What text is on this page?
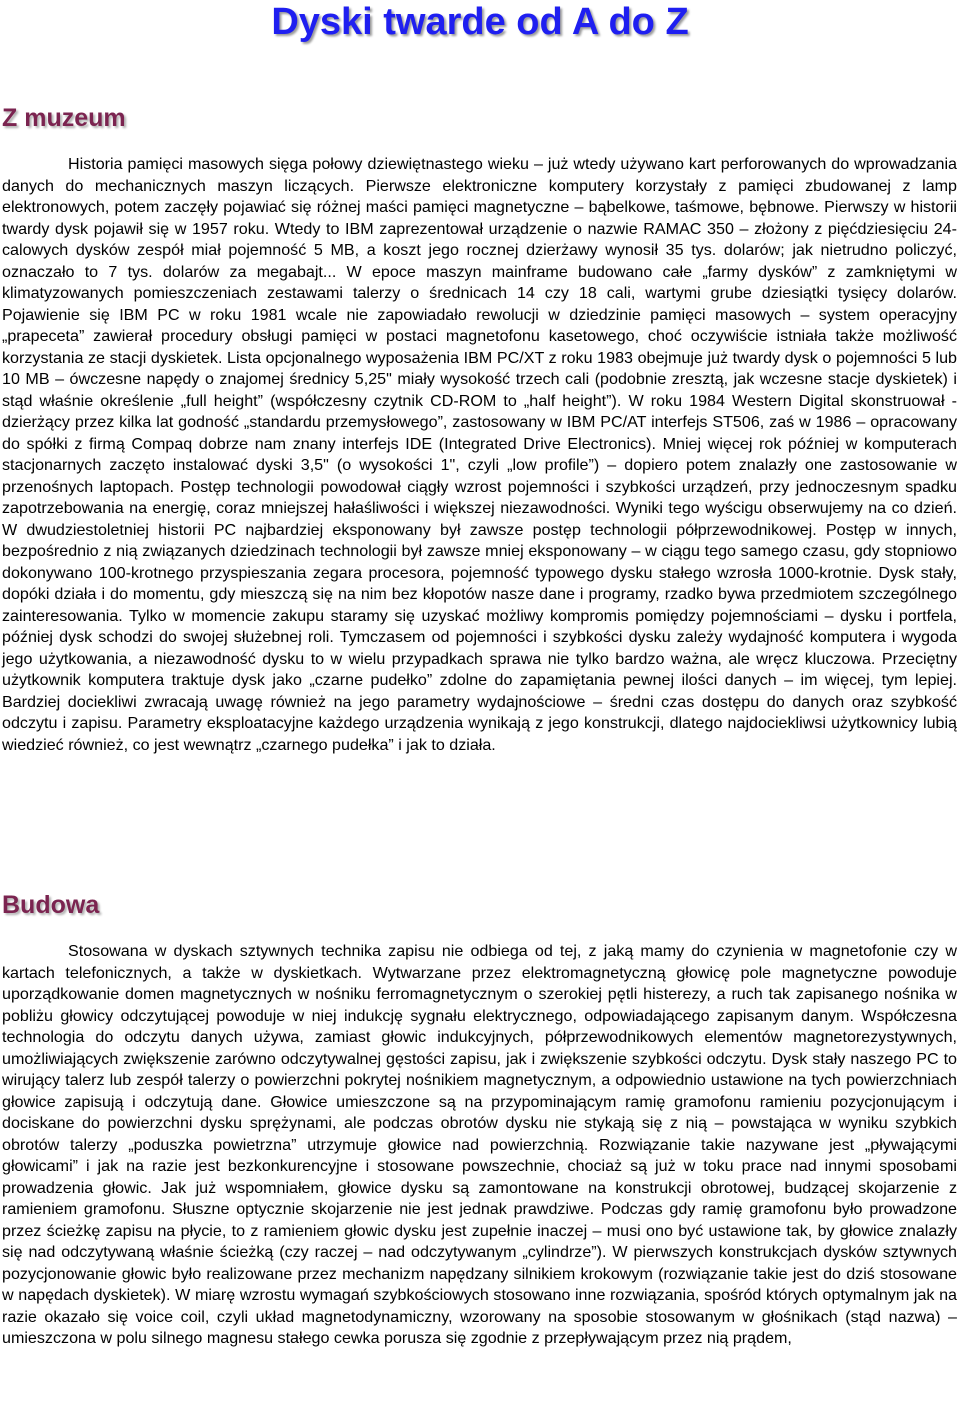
Dyski twarde od A do Z
Z muzeum

Historia pamięci masowych sięga połowy dziewiętnastego wieku – już wtedy używano kart perforowanych do wprowadzania danych do mechanicznych maszyn liczących. Pierwsze elektroniczne komputery korzystały z pamięci zbudowanej z lamp elektronowych, potem zaczęły pojawiać się różnej maści pamięci magnetyczne – bąbelkowe, taśmowe, bębnowe. Pierwszy w historii twardy dysk pojawił się w 1957 roku. Wtedy to IBM zaprezentował urządzenie o nazwie RAMAC 350 – złożony z pięćdziesięciu 24-calowych dysków zespół miał pojemność 5 MB, a koszt jego rocznej dzierżawy wynosił 35 tys. dolarów; jak nietrudno policzyć, oznaczało to 7 tys. dolarów za megabajt... W epoce maszyn mainframe budowano całe „farmy dysków” z zamkniętymi w klimatyzowanych pomieszczeniach zestawami talerzy o średnicach 14 czy 18 cali, wartymi grube dziesiątki tysięcy dolarów. Pojawienie się IBM PC w roku 1981 wcale nie zapowiadało rewolucji w dziedzinie pamięci masowych – system operacyjny „prapeceta” zawierał procedury obsługi pamięci w postaci magnetofonu kasetowego, choć oczywiście istniała także możliwość korzystania ze stacji dyskietek. Lista opcjonalnego wyposażenia IBM PC/XT z roku 1983 obejmuje już twardy dysk o pojemności 5 lub 10 MB – ówczesne napędy o znajomej średnicy 5,25" miały wysokość trzech cali (podobnie zresztą, jak wczesne stacje dyskietek) i stąd właśnie określenie „full height” (współczesny czytnik CD-ROM to „half height”). W roku 1984 Western Digital skonstruował - dzierżący przez kilka lat godność „standardu przemysłowego”, zastosowany w IBM PC/AT interfejs ST506, zaś w 1986 – opracowany do spółki z firmą Compaq dobrze nam znany interfejs IDE (Integrated Drive Electronics). Mniej więcej rok później w komputerach stacjonarnych zaczęto instalować dyski 3,5" (o wysokości 1", czyli „low profile”) – dopiero potem znalazły one zastosowanie w przenośnych laptopach. Postęp technologii powodował ciągły wzrost pojemności i szybkości urządzeń, przy jednoczesnym spadku zapotrzebowania na energię, coraz mniejszej hałaśliwości i większej niezawodności. Wyniki tego wyścigu obserwujemy na co dzień. W dwudziestoletniej historii PC najbardziej eksponowany był zawsze postęp technologii półprzewodnikowej. Postęp w innych, bezpośrednio z nią związanych dziedzinach technologii był zawsze mniej eksponowany – w ciągu tego samego czasu, gdy stopniowo dokonywano 100-krotnego przyspieszania zegara procesora, pojemność typowego dysku stałego wzrosła 1000-krotnie. Dysk stały, dopóki działa i do momentu, gdy mieszczą się na nim bez kłopotów nasze dane i programy, rzadko bywa przedmiotem szczególnego zainteresowania. Tylko w momencie zakupu staramy się uzyskać możliwy kompromis pomiędzy pojemnościami – dysku i portfela, później dysk schodzi do swojej służebnej roli. Tymczasem od pojemności i szybkości dysku zależy wydajność komputera i wygoda jego użytkowania, a niezawodność dysku to w wielu przypadkach sprawa nie tylko bardzo ważna, ale wręcz kluczowa. Przeciętny użytkownik komputera traktuje dysk jako „czarne pudełko” zdolne do zapamiętania pewnej ilości danych – im więcej, tym lepiej. Bardziej dociekliwi zwracają uwagę również na jego parametry wydajnościowe – średni czas dostępu do danych oraz szybkość odczytu i zapisu. Parametry eksploatacyjne każdego urządzenia wynikają z jego konstrukcji, dlatego najdociekliwsi użytkownicy lubią wiedzieć również, co jest wewnątrz „czarnego pudełka” i jak to działa.

Budowa

Stosowana w dyskach sztywnych technika zapisu nie odbiega od tej, z jaką mamy do czynienia w magnetofonie czy w kartach telefonicznych, a także w dyskietkach. Wytwarzane przez elektromagnetyczną głowicę pole magnetyczne powoduje uporządkowanie domen magnetycznych w nośniku ferromagnetycznym o szerokiej pętli histerezy, a ruch tak zapisanego nośnika w pobliżu głowicy odczytującej powoduje w niej indukcję sygnału elektrycznego, odpowiadającego zapisanym danym. Współczesna technologia do odczytu danych używa, zamiast głowic indukcyjnych, półprzewodnikowych elementów magnetorezystywnych, umożliwiających zwiększenie zarówno odczytywalnej gęstości zapisu, jak i zwiększenie szybkości odczytu. Dysk stały naszego PC to wirujący talerz lub zespół talerzy o powierzchni pokrytej nośnikiem magnetycznym, a odpowiednio ustawione na tych powierzchniach głowice zapisują i odczytują dane. Głowice umieszczone są na przypominającym ramię gramofonu ramieniu pozycjonującym i dociskane do powierzchni dysku sprężynami, ale podczas obrotów dysku nie stykają się z nią – powstająca w wyniku szybkich obrotów talerzy „poduszka powietrzna” utrzymuje głowice nad powierzchnią. Rozwiązanie takie nazywane jest „pływającymi głowicami” i jak na razie jest bezkonkurencyjne i stosowane powszechnie, chociaż są już w toku prace nad innymi sposobami prowadzenia głowic. Jak już wspomniałem, głowice dysku są zamontowane na konstrukcji obrotowej, budzącej skojarzenie z ramieniem gramofonu. Słuszne optycznie skojarzenie nie jest jednak prawdziwe. Podczas gdy ramię gramofonu było prowadzone przez ścieżkę zapisu na płycie, to z ramieniem głowic dysku jest zupełnie inaczej – musi ono być ustawione tak, by głowice znalazły się nad odczytywaną właśnie ścieżką (czy raczej – nad odczytywanym „cylindrze”). W pierwszych konstrukcjach dysków sztywnych pozycjonowanie głowic było realizowane przez mechanizm napędzany silnikiem krokowym (rozwiązanie takie jest do dziś stosowane w napędach dyskietek). W miarę wzrostu wymagań szybkościowych stosowano inne rozwiązania, spośród których optymalnym jak na razie okazało się voice coil, czyli układ magnetodynamiczny, wzorowany na sposobie stosowanym w głośnikach (stąd nazwa) – umieszczona w polu silnego magnesu stałego cewka porusza się zgodnie z przepływającym przez nią prądem,
